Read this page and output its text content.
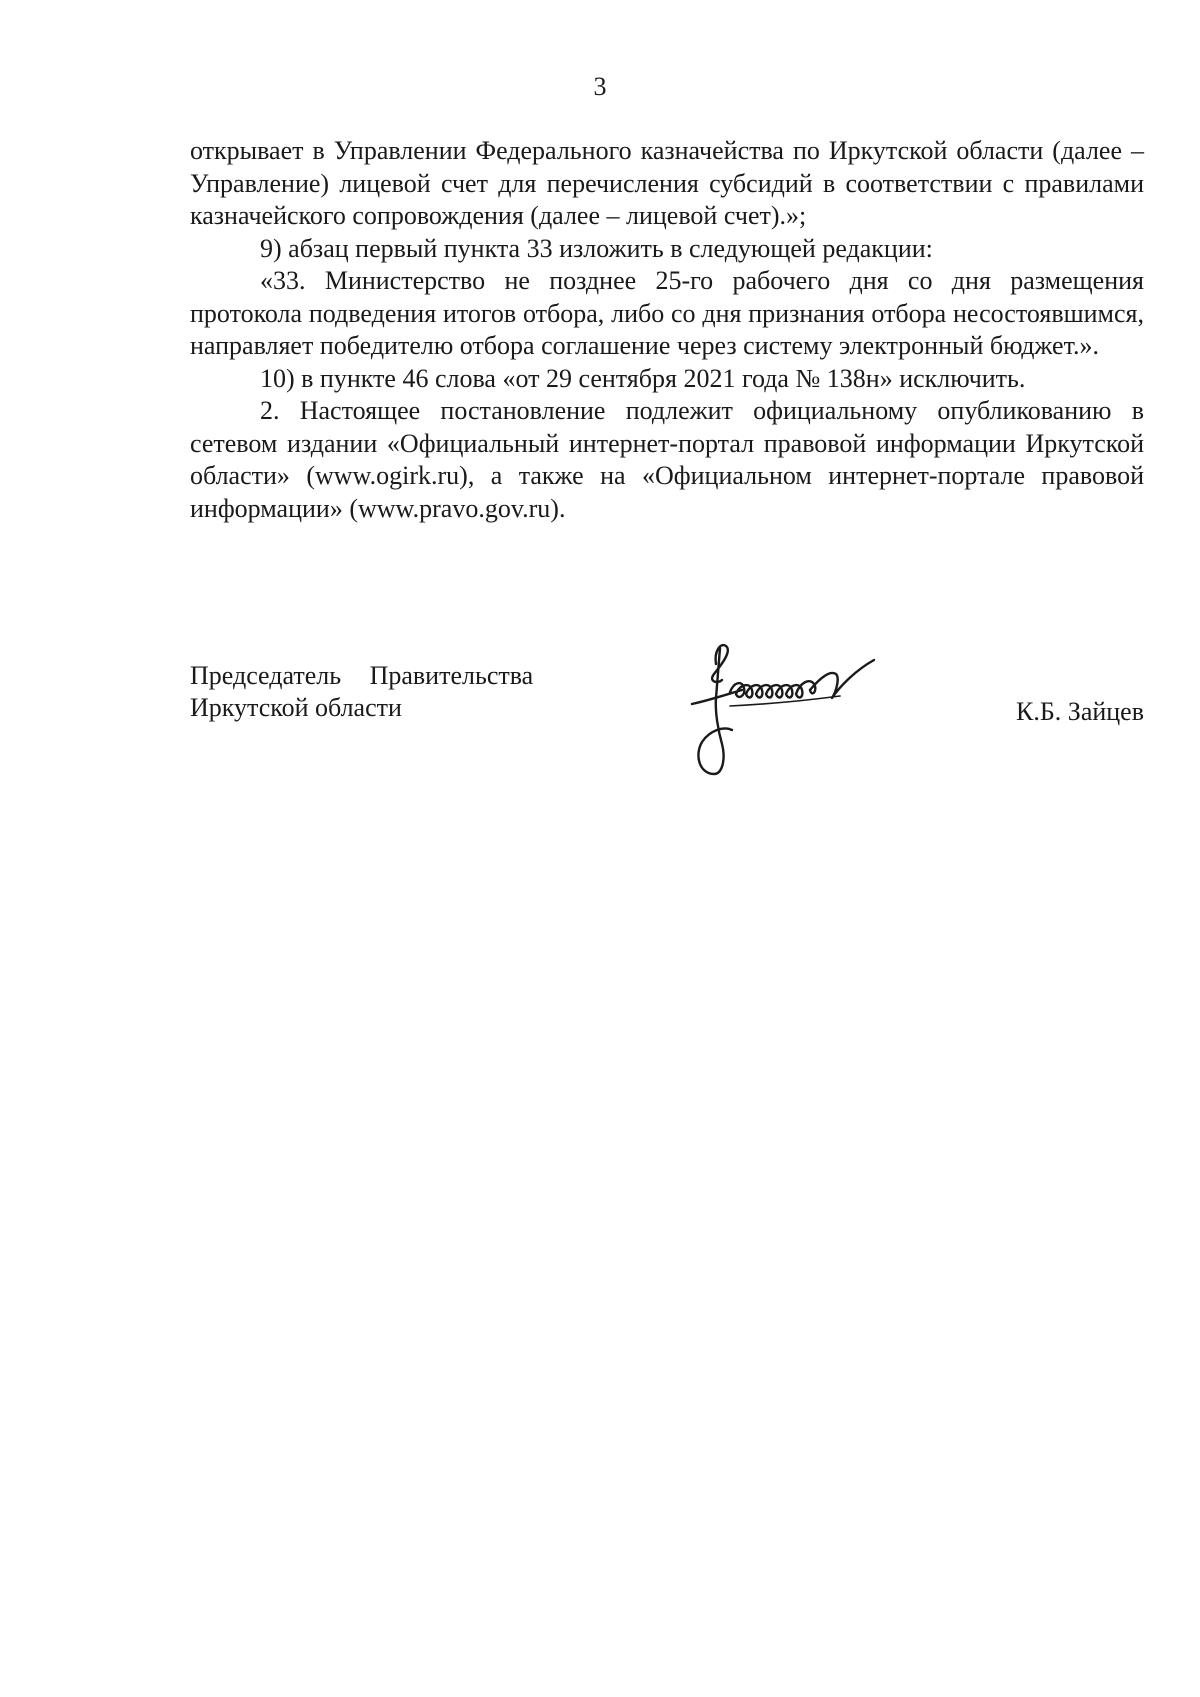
3

открывает в Управлении Федерального казначейства по Иркутской области (далее – Управление) лицевой счет для перечисления субсидий в соответствии с правилами казначейского сопровождения (далее – лицевой счет).»;

9) абзац первый пункта 33 изложить в следующей редакции:

«33. Министерство не позднее 25-го рабочего дня со дня размещения протокола подведения итогов отбора, либо со дня признания отбора несостоявшимся, направляет победителю отбора соглашение через систему электронный бюджет.».

10) в пункте 46 слова «от 29 сентября 2021 года № 138н» исключить.

2. Настоящее постановление подлежит официальному опубликованию в сетевом издании «Официальный интернет-портал правовой информации Иркутской области» (www.ogirk.ru), а также на «Официальном интернет-портале правовой информации» (www.pravo.gov.ru).

Председатель Правительства
Иркутской области	К.Б. Зайцев
